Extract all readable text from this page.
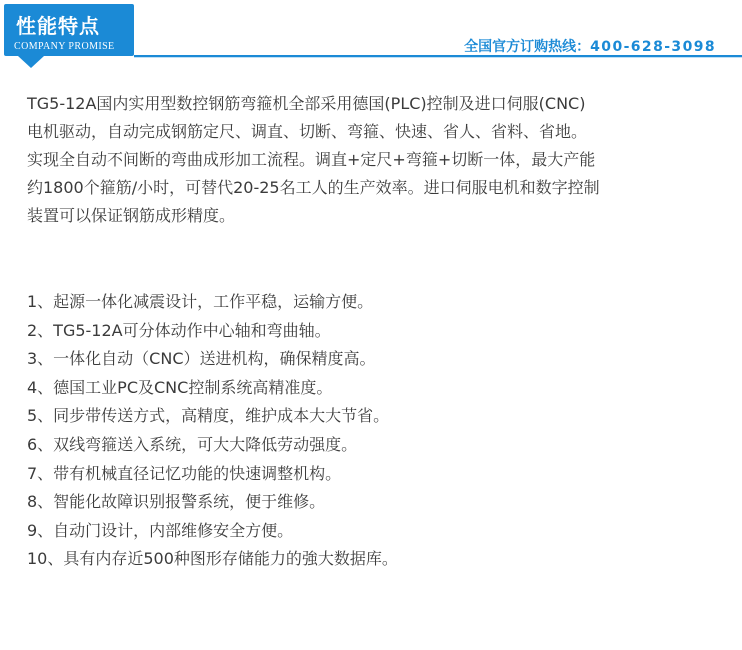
性能特点
COMPANY PROMISE	全国官方订购热线：400-628-3098

TG5-12A国内实用型数控钢筋弯箍机全部采用德国(PLC)控制及进口伺服(CNC)

电机驱动，自动完成钢筋定尺、调直、切断、弯箍、快速、省人、省料、省地。

实现全自动不间断的弯曲成形加工流程。调直+定尺+弯箍+切断一体，最大产能

约1800个箍筋/小时，可替代20-25名工人的生产效率。进口伺服电机和数字控制

装置可以保证钢筋成形精度。

1、起源一体化减震设计，工作平稳，运输方便。
2、TG5-12A可分体动作中心轴和弯曲轴。
3、一体化自动（CNC）送进机构，确保精度高。
4、德国工业PC及CNC控制系统高精准度。
5、同步带传送方式，高精度，维护成本大大节省。
6、双线弯箍送入系统，可大大降低劳动强度。
7、带有机械直径记忆功能的快速调整机构。
8、智能化故障识别报警系统，便于维修。
9、自动门设计，内部维修安全方便。
10、具有内存近500种图形存储能力的強大数据库。
